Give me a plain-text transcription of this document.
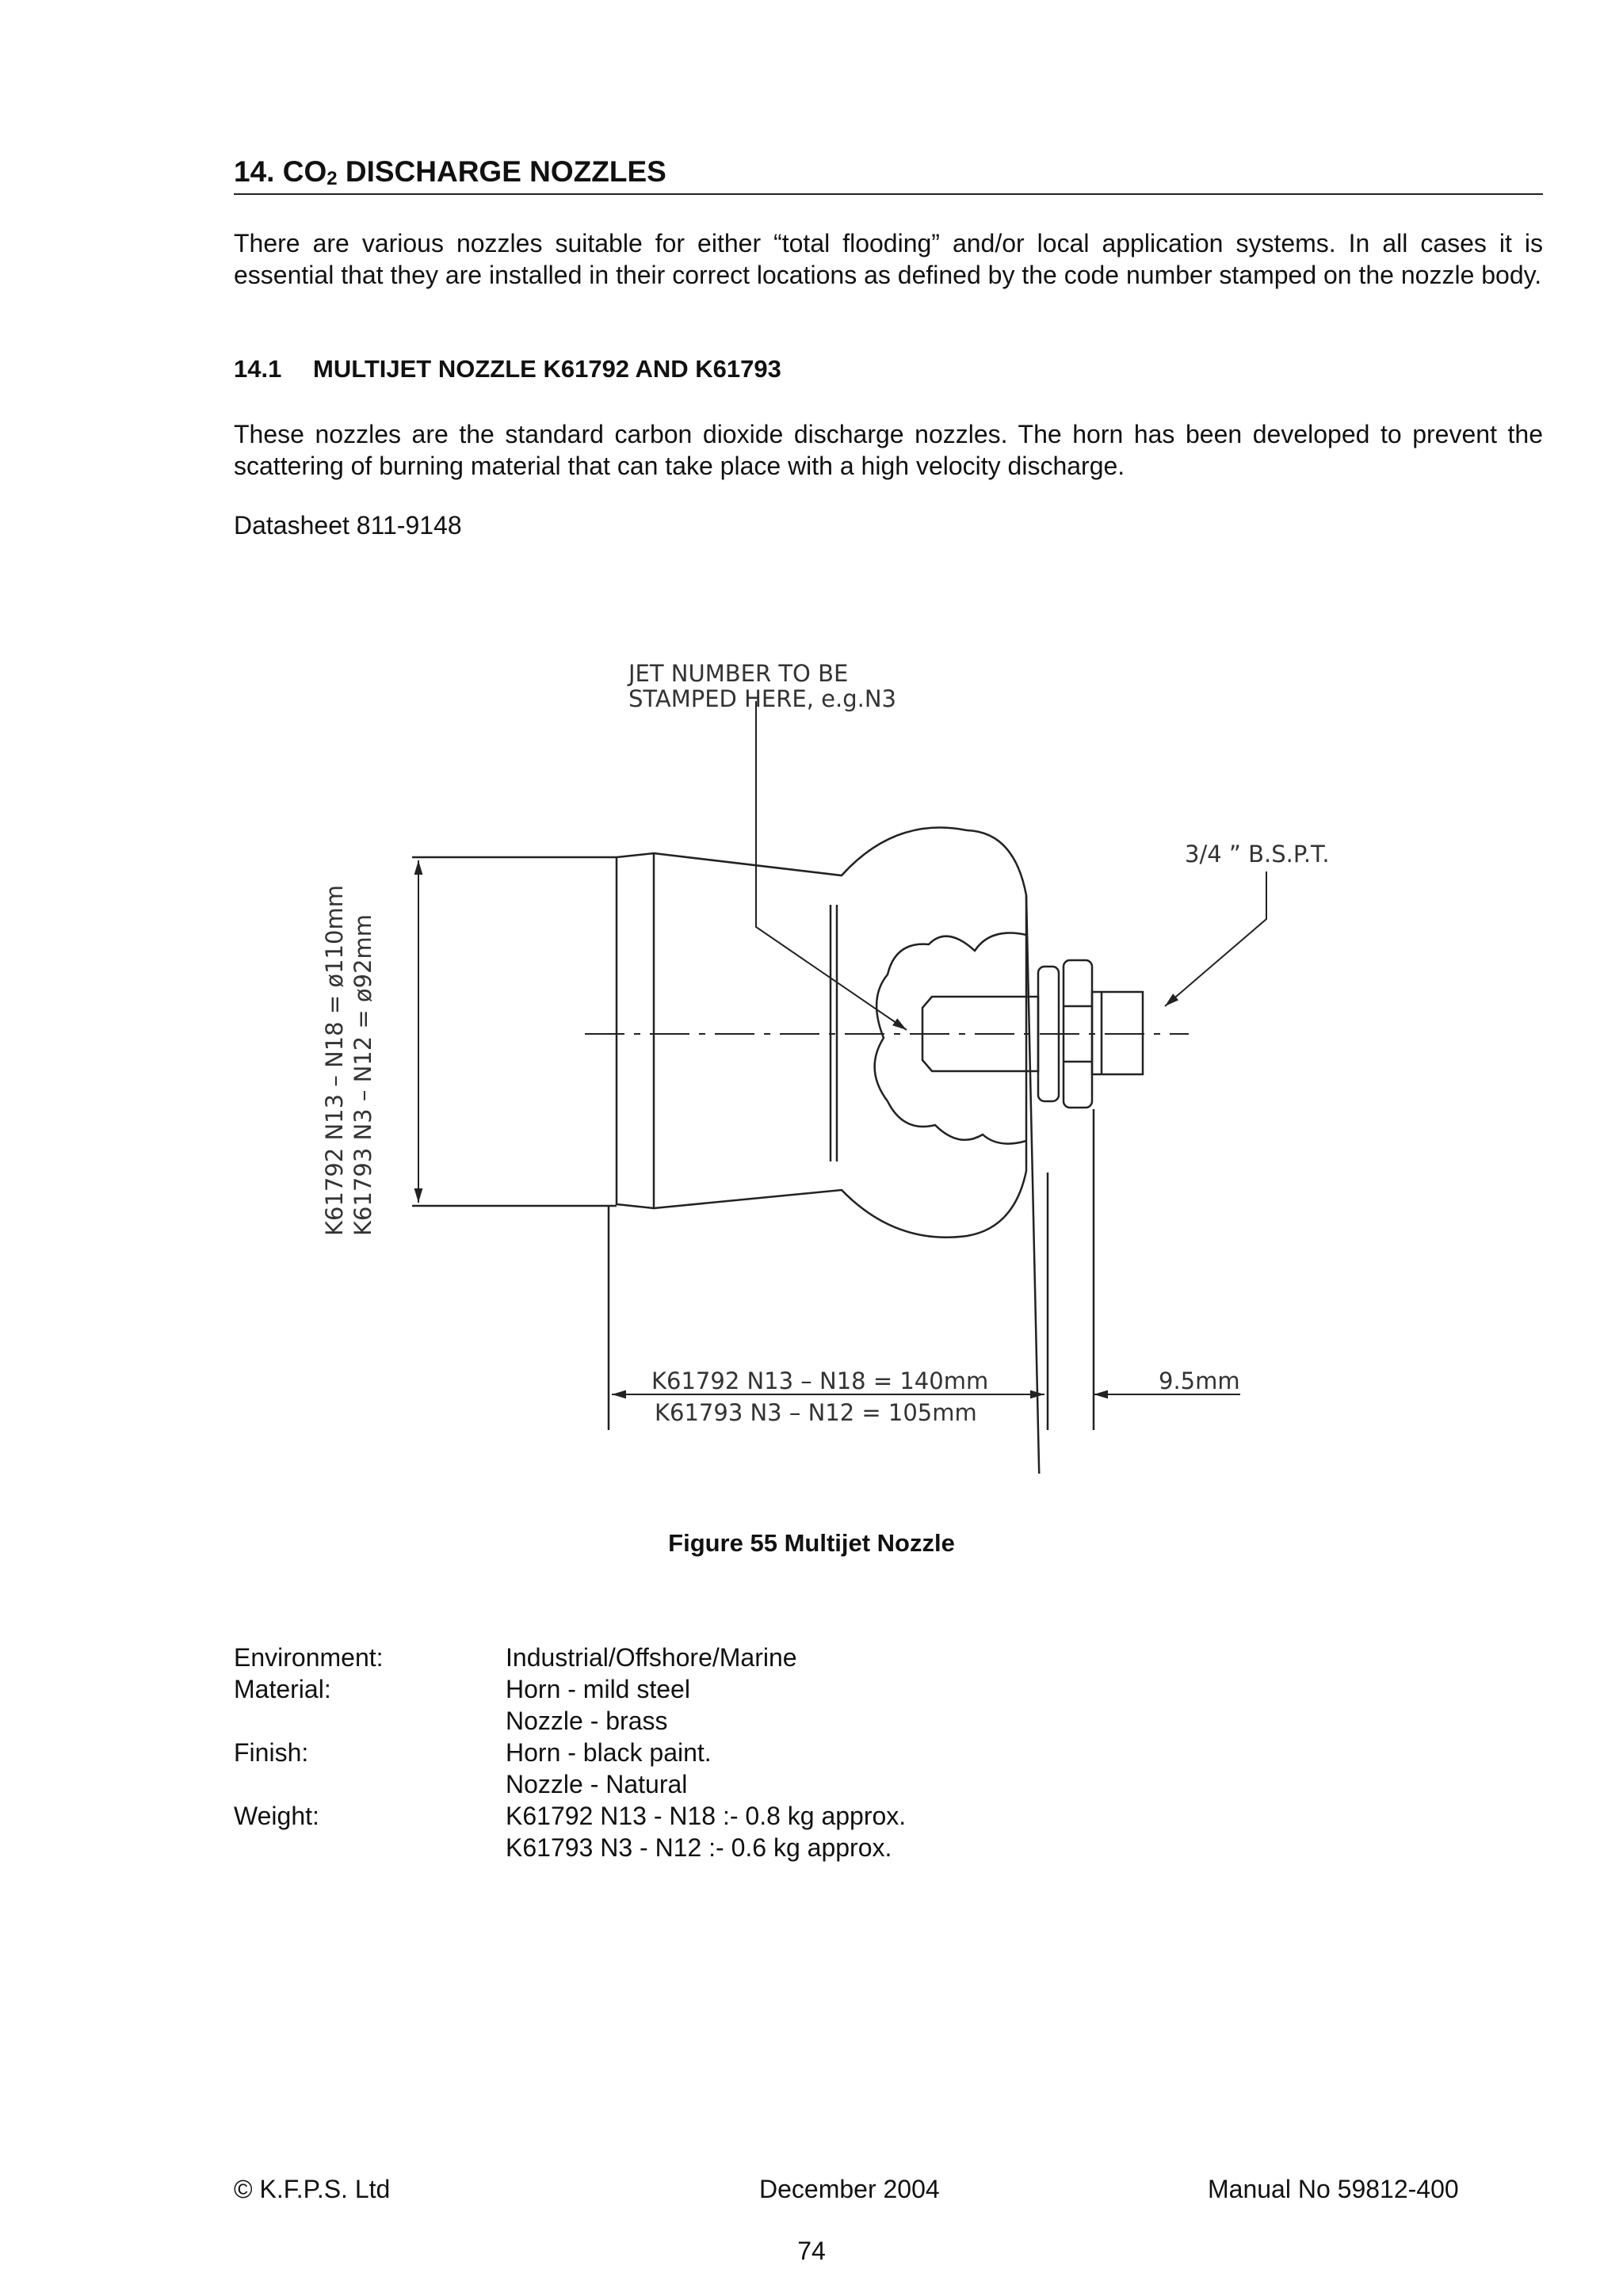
14. $CO_2$ DISCHARGE NOZZLES
There are various nozzles suitable for either “total flooding” and/or local application systems. In all cases it is essential that they are installed in their correct locations as defined by the code number stamped on the nozzle body.
14.1 MULTIJET NOZZLE K61792 AND K61793
These nozzles are the standard carbon dioxide discharge nozzles. The horn has been developed to prevent the scattering of burning material that can take place with a high velocity discharge.
Datasheet 811-9148
JET NUMBER TO BE
STAMPED HERE, e.g.N3
3/4 ” B.S.P.T.
K61792 N13 – N18 = ø110mm K61793 N3 – N12 = ø92mm
K61792 N13 – N18 = 140mm
K61793 N3 – N12 = 105mm
9.5mm
Figure 55 Multijet Nozzle
Environment:	Industrial/Offshore/Marine
Material:	Horn - mild steel
Nozzle - brass
Finish:	Horn - black paint.
Nozzle - Natural
Weight:	K61792 N13 - N18 :- 0.8 kg approx.
K61793 N3 - N12 :- 0.6 kg approx.
© K.F.P.S. Ltd	December 2004	Manual No 59812-400
74
